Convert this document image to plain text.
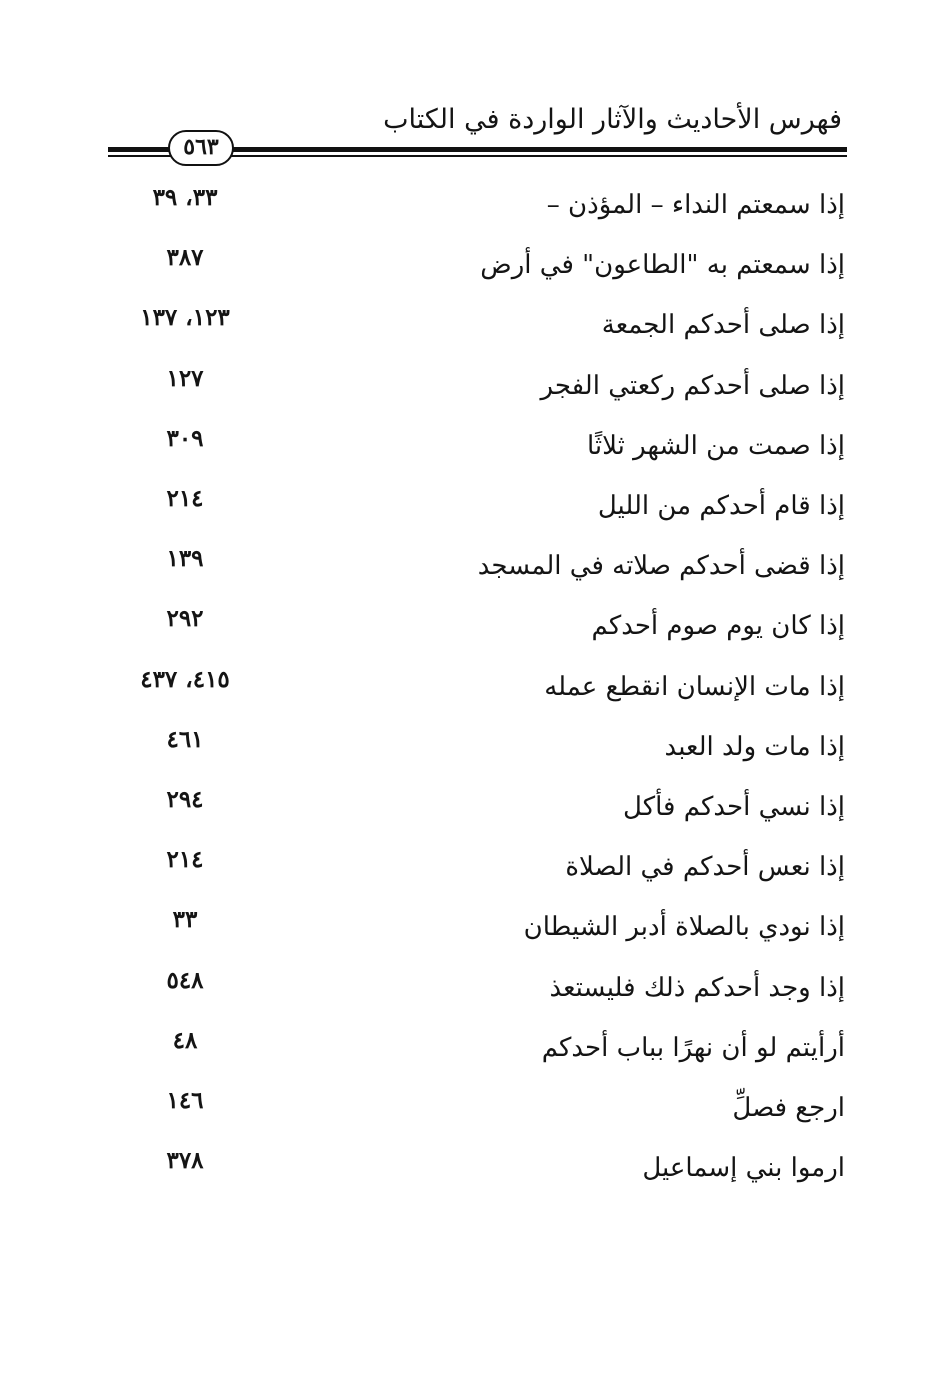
فهرس الأحاديث والآثار الواردة في الكتاب
٥٦٣
إذا سمعتم النداء – المؤذن –
٣٣، ٣٩
إذا سمعتم به "الطاعون" في أرض
٣٨٧
إذا صلى أحدكم الجمعة
١٢٣، ١٣٧
إذا صلى أحدكم ركعتي الفجر
١٢٧
إذا صمت من الشهر ثلاثًا
٣٠٩
إذا قام أحدكم من الليل
٢١٤
إذا قضى أحدكم صلاته في المسجد
١٣٩
إذا كان يوم صوم أحدكم
٢٩٢
إذا مات الإنسان انقطع عمله
٤١٥، ٤٣٧
إذا مات ولد العبد
٤٦١
إذا نسي أحدكم فأكل
٢٩٤
إذا نعس أحدكم في الصلاة
٢١٤
إذا نودي بالصلاة أدبر الشيطان
٣٣
إذا وجد أحدكم ذلك فليستعذ
٥٤٨
أرأيتم لو أن نهرًا بباب أحدكم
٤٨
ارجع فصلِّ
١٤٦
ارموا بني إسماعيل
٣٧٨
